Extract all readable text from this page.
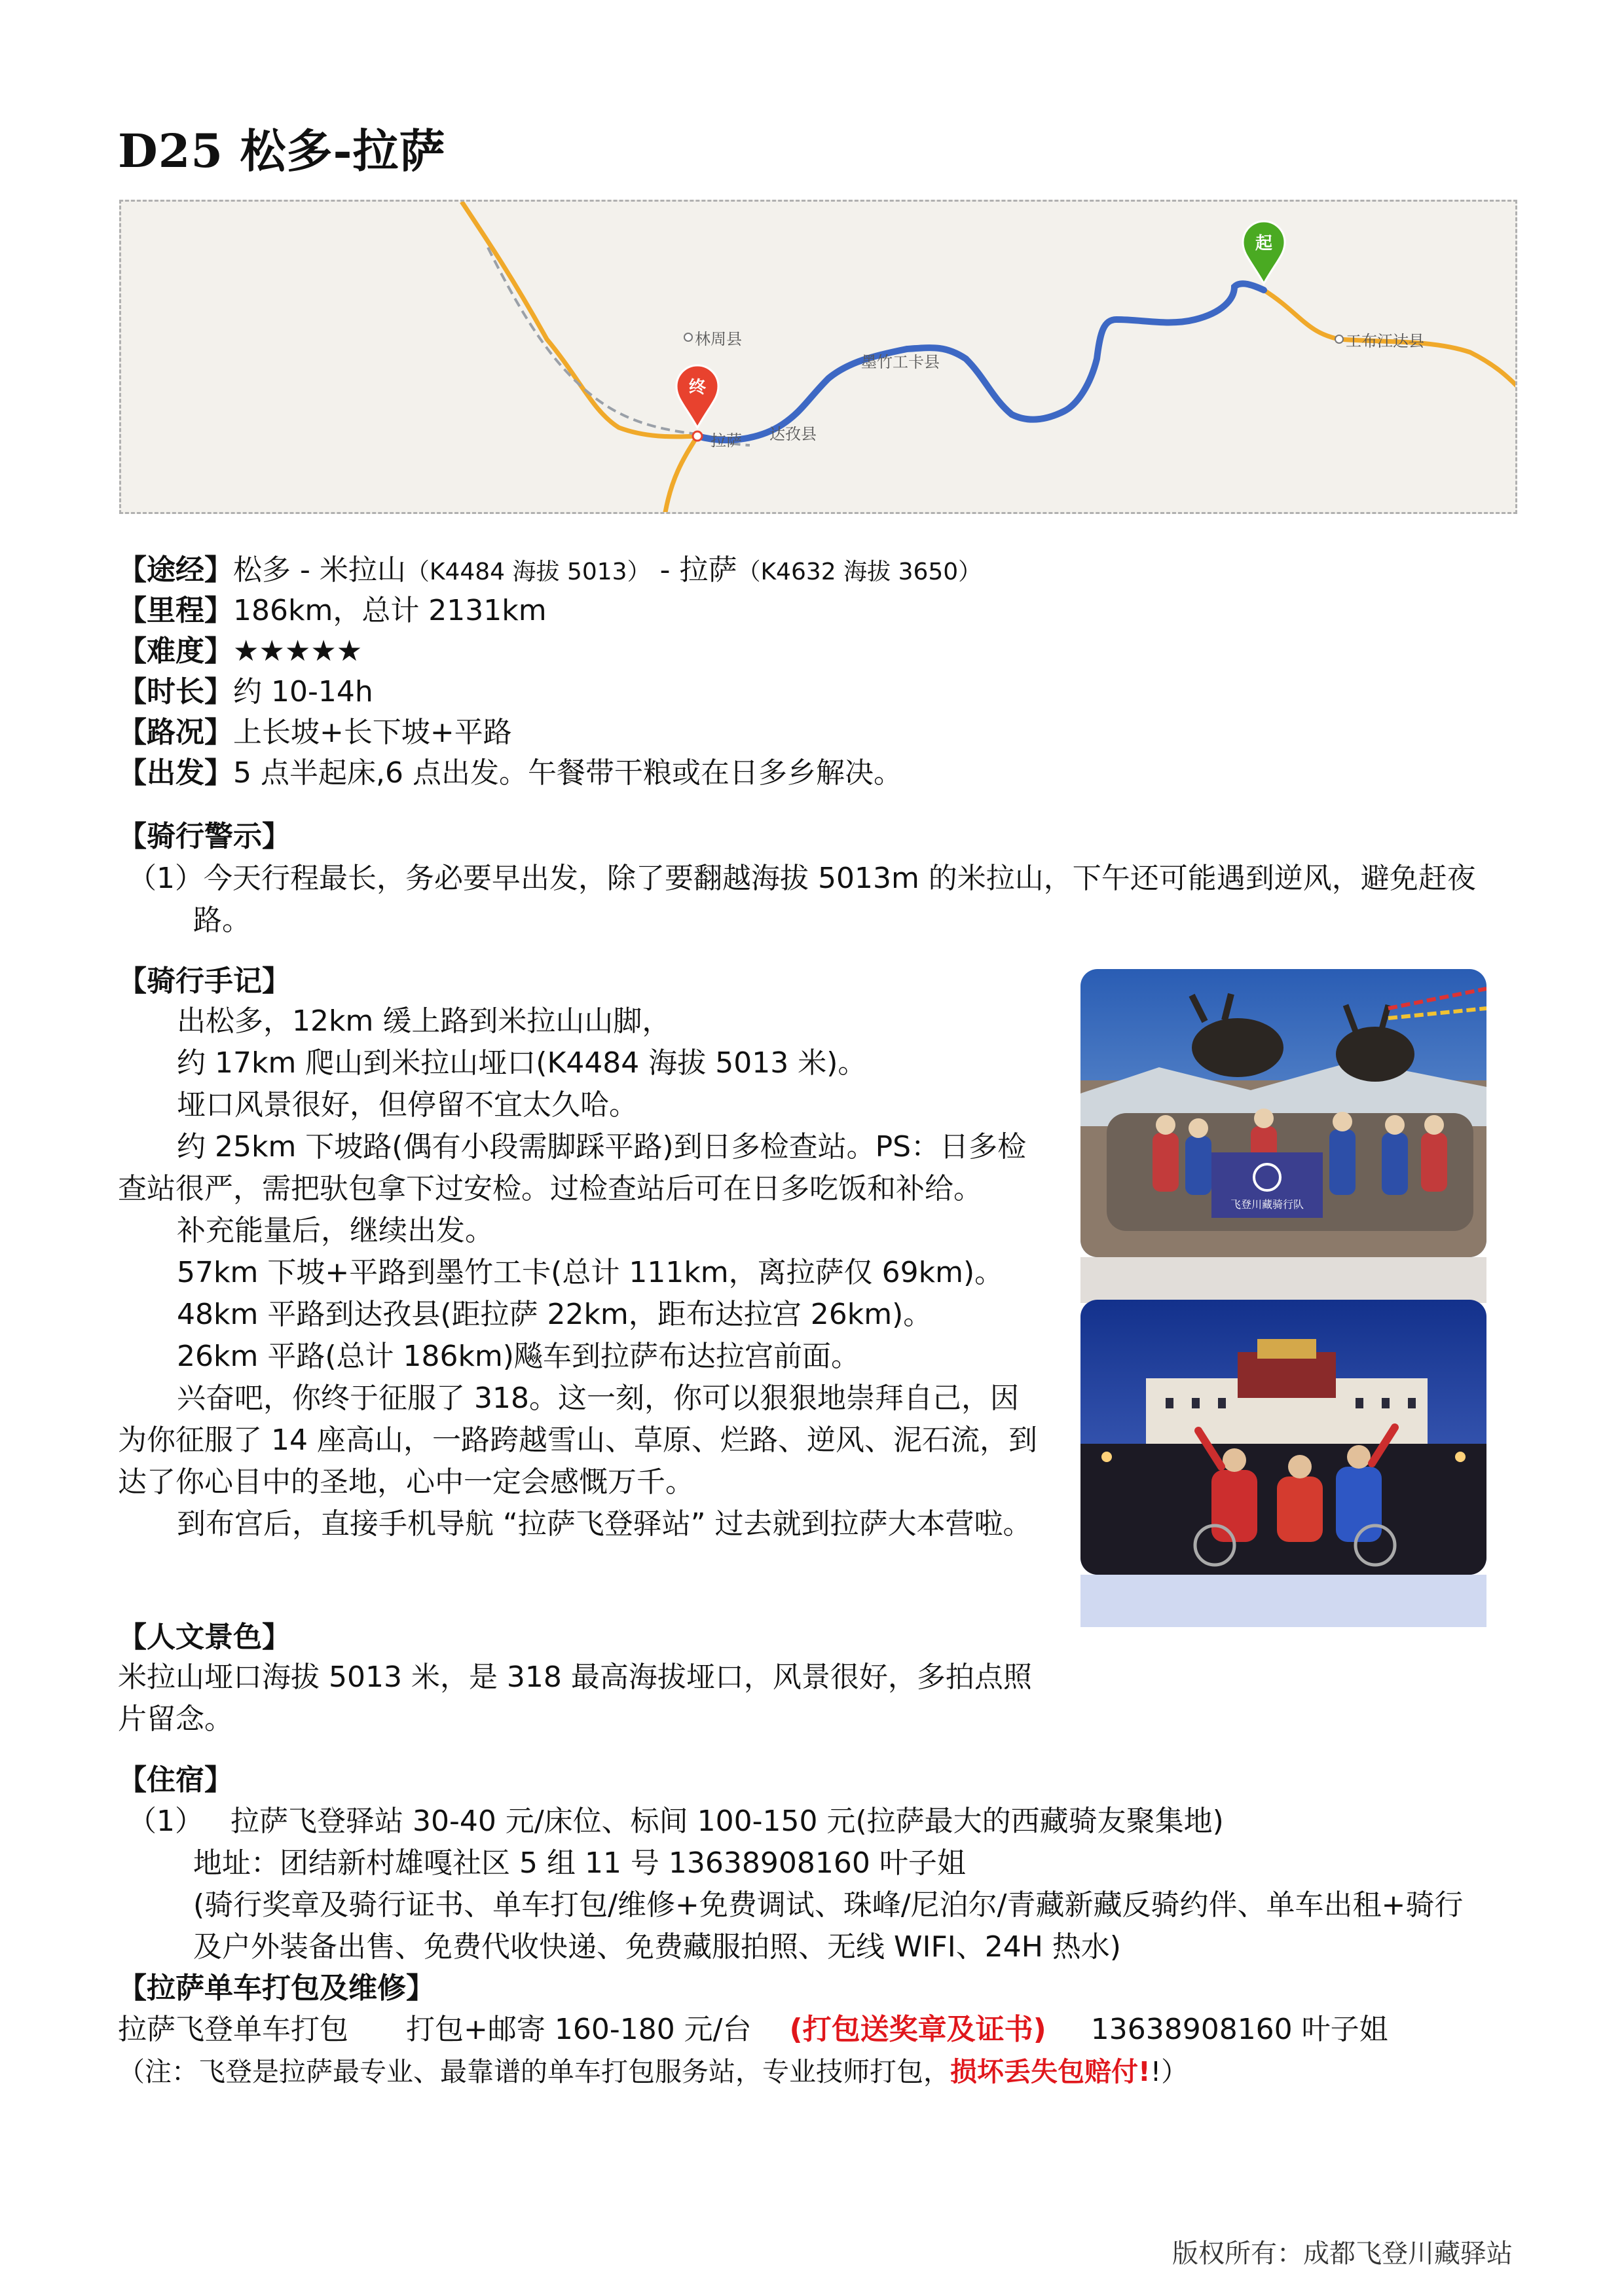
D25 松多-拉萨
终
起
林周县
墨竹工卡县
工布江达县
拉萨 达孜县
【途经】松多 - 米拉山（K4484 海拔 5013） - 拉萨（K4632 海拔 3650）
【里程】186km，总计 2131km
【难度】★★★★★
【时长】约 10-14h
【路况】上长坡+长下坡+平路
【出发】5 点半起床,6 点出发。午餐带干粮或在日多乡解决。
【骑行警示】
（1）今天行程最长，务必要早出发，除了要翻越海拔 5013m 的米拉山，下午还可能遇到逆风，避免赶夜
路。
【骑行手记】
出松多，12km 缓上路到米拉山山脚，
约 17km 爬山到米拉山垭口(K4484 海拔 5013 米)。
垭口风景很好，但停留不宜太久哈。
约 25km 下坡路(偶有小段需脚踩平路)到日多检查站。PS：日多检
查站很严，需把驮包拿下过安检。过检查站后可在日多吃饭和补给。
补充能量后，继续出发。
57km 下坡+平路到墨竹工卡(总计 111km，离拉萨仅 69km)。
48km 平路到达孜县(距拉萨 22km，距布达拉宫 26km)。
26km 平路(总计 186km)飚车到拉萨布达拉宫前面。
兴奋吧，你终于征服了 318。这一刻，你可以狠狠地崇拜自己，因
为你征服了 14 座高山，一路跨越雪山、草原、烂路、逆风、泥石流，到
达了你心目中的圣地，心中一定会感慨万千。
到布宫后，直接手机导航 “拉萨飞登驿站” 过去就到拉萨大本营啦。
飞登川藏骑行队
【人文景色】
米拉山垭口海拔 5013 米，是 318 最高海拔垭口，风景很好，多拍点照
片留念。
【住宿】
（1） 拉萨飞登驿站 30-40 元/床位、标间 100-150 元(拉萨最大的西藏骑友聚集地)
地址：团结新村雄嘎社区 5 组 11 号 13638908160 叶子姐
(骑行奖章及骑行证书、单车打包/维修+免费调试、珠峰/尼泊尔/青藏新藏反骑约伴、单车出租+骑行
及户外装备出售、免费代收快递、免费藏服拍照、无线 WIFI、24H 热水)
【拉萨单车打包及维修】
拉萨飞登单车打包 打包+邮寄 160-180 元/台 (打包送奖章及证书) 13638908160 叶子姐
（注：飞登是拉萨最专业、最靠谱的单车打包服务站，专业技师打包，损坏丢失包赔付!!）
版权所有：成都飞登川藏驿站
